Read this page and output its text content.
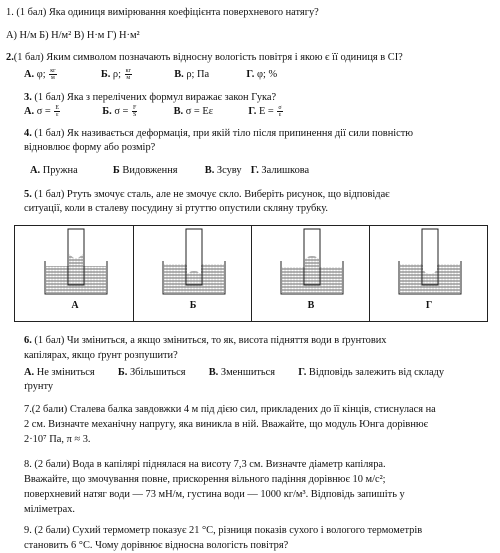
1. (1 бал) Яка одиниця вимірювання коефіцієнта поверхневого натягу?
А) Н/м Б) Н/м² В) Н·м Г) Н·м²
2.(1 бал) Яким символом позначають відносну вологість повітря і якою є її одиниця в СІ?
А. φ; $\frac{кг}{м}$	Б. ρ; $\frac{кг}{м}$	В. ρ; Па	Г. φ; %
3. (1 бал) Яка з перелічених формул виражає закон Гука?
А. $\sigma = \frac{E}{\varepsilon}$	Б. $\sigma = \frac{F}{S}$	В. σ = Eε	Г. $E = \frac{\sigma}{\varepsilon}$
4. (1 бал) Як називається деформація, при якій тіло після припинення дії сили повністю
відновлює форму або розмір?
А. Пружна	Б Видовження	В. Зсуву Г. Залишкова
5. (1 бал) Ртуть змочує сталь, але не змочує скло. Виберіть рисунок, що відповідає
ситуації, коли в сталеву посудину зі ртуттю опустили скляну трубку.
А	Б	В	Г
6. (1 бал) Чи зміниться, а якщо зміниться, то як, висота підняття води в ґрунтових
капілярах, якщо ґрунт розпушити?
А. Не зміниться Б. Збільшиться В. Зменшиться Г. Відповідь залежить від складу
ґрунту
7.(2 бали) Сталева балка завдовжки 4 м під дією сил, прикладених до її кінців, стиснулася на
2 см. Визначте механічну напругу, яка виникла в ній. Вважайте, що модуль Юнга дорівнює
2·10⁷ Па, π ≈ 3.
8. (2 бали) Вода в капілярі піднялася на висоту 7,3 см. Визначте діаметр капіляра.
Вважайте, що змочування повне, прискорення вільного падіння дорівнює 10 м/с²;
поверхневий натяг води — 73 мН/м, густина води — 1000 кг/м³. Відповідь запишіть у
міліметрах.
9. (2 бали) Сухий термометр показує 21 °С, різниця показів сухого і вологого термометрів
становить 6 °С. Чому дорівнює відносна вологість повітря?
